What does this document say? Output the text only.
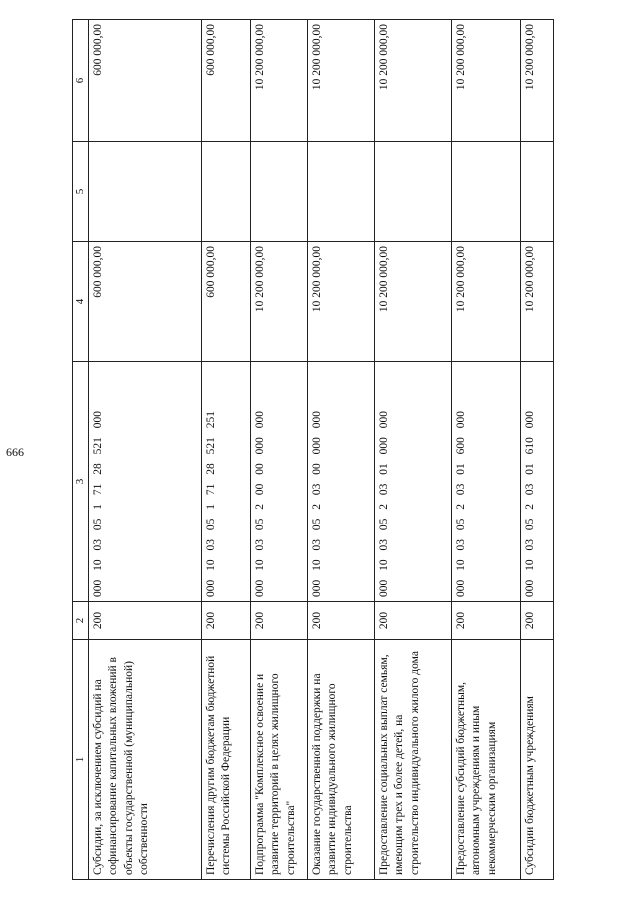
666
1	2	3	4	5	6
Субсидии, за исключением субсидий на софинансирование капитальных вложений в объекты государственной (муниципальной) собственности	200	000 10 03 05 1 71 28 521 000	600 000,00		600 000,00
Перечисления другим бюджетам бюджетной системы Российской Федерации	200	000 10 03 05 1 71 28 521 251	600 000,00		600 000,00
Подпрограмма "Комплексное освоение и развитие территорий в целях жилищного строительства"	200	000 10 03 05 2 00 00 000 000	10 200 000,00		10 200 000,00
Оказание государственной поддержки на развитие индивидуального жилищного строительства	200	000 10 03 05 2 03 00 000 000	10 200 000,00		10 200 000,00
Предоставление социальных выплат семьям, имеющим трех и более детей, на строительство индивидуального жилого дома	200	000 10 03 05 2 03 01 000 000	10 200 000,00		10 200 000,00
Предоставление субсидий бюджетным, автономным учреждениям и иным некоммерческим организациям	200	000 10 03 05 2 03 01 600 000	10 200 000,00		10 200 000,00
Субсидии бюджетным учреждениям	200	000 10 03 05 2 03 01 610 000	10 200 000,00		10 200 000,00
